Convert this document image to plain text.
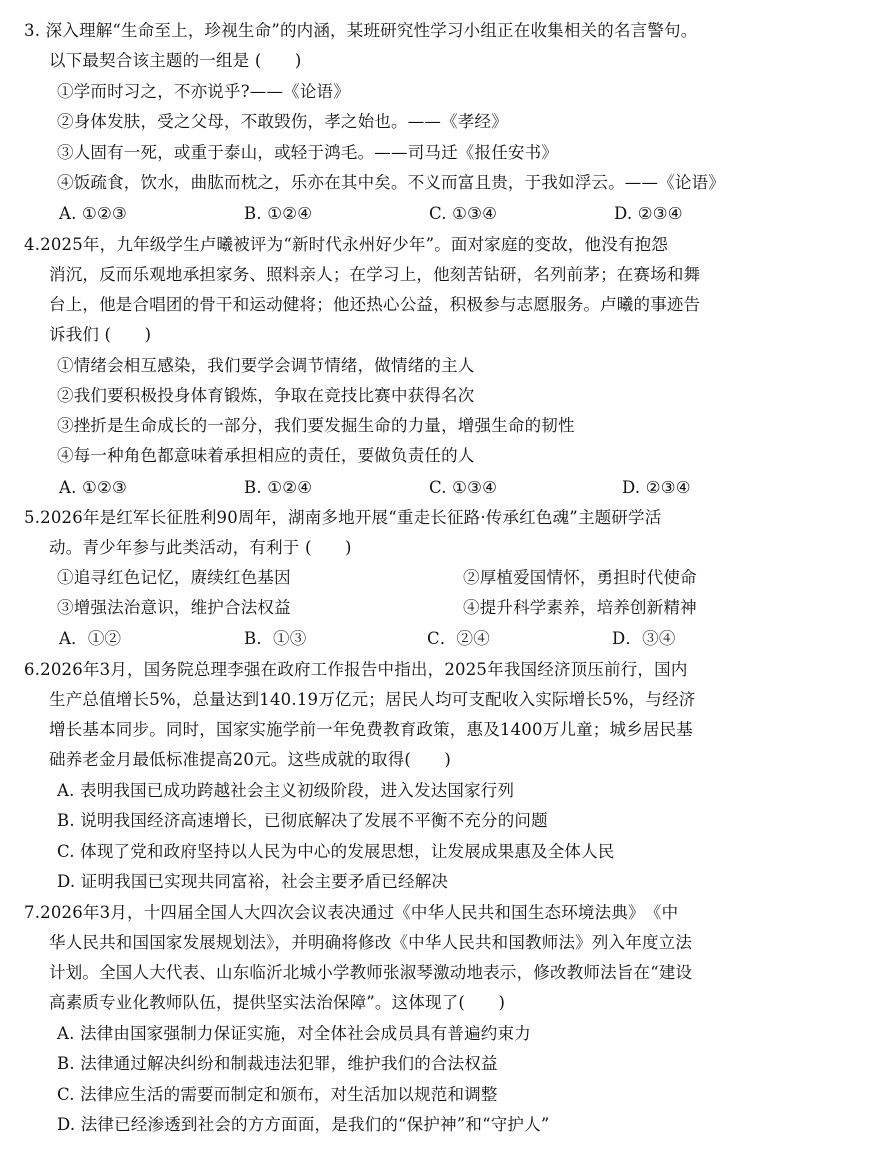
3. 深入理解“生命至上，珍视生命”的内涵，某班研究性学习小组正在收集相关的名言警句。
以下最契合该主题的一组是 (　　)
①学而时习之，不亦说乎?——《论语》
②身体发肤，受之父母，不敢毁伤，孝之始也。——《孝经》
③人固有一死，或重于泰山，或轻于鸿毛。——司马迁《报任安书》
④饭疏食，饮水，曲肱而枕之，乐亦在其中矣。不义而富且贵，于我如浮云。——《论语》
A. ①②③	B. ①②④	C. ①③④	D. ②③④
4.2025年，九年级学生卢曦被评为“新时代永州好少年”。面对家庭的变故，他没有抱怨
消沉，反而乐观地承担家务、照料亲人；在学习上，他刻苦钻研，名列前茅；在赛场和舞
台上，他是合唱团的骨干和运动健将；他还热心公益，积极参与志愿服务。卢曦的事迹告
诉我们 (　　)
①情绪会相互感染，我们要学会调节情绪，做情绪的主人
②我们要积极投身体育锻炼，争取在竞技比赛中获得名次
③挫折是生命成长的一部分，我们要发掘生命的力量，增强生命的韧性
④每一种角色都意味着承担相应的责任，要做负责任的人
A. ①②③	B. ①②④	C. ①③④	D. ②③④
5.2026年是红军长征胜利90周年，湖南多地开展“重走长征路·传承红色魂”主题研学活
动。青少年参与此类活动，有利于 (　　)
①追寻红色记忆，赓续红色基因	②厚植爱国情怀，勇担时代使命
③增强法治意识，维护合法权益	④提升科学素养，培养创新精神
A．①②	B．①③	C．②④	D．③④
6.2026年3月，国务院总理李强在政府工作报告中指出，2025年我国经济顶压前行，国内
生产总值增长5%，总量达到140.19万亿元；居民人均可支配收入实际增长5%，与经济
增长基本同步。同时，国家实施学前一年免费教育政策，惠及1400万儿童；城乡居民基
础养老金月最低标准提高20元。这些成就的取得(　　)
A. 表明我国已成功跨越社会主义初级阶段，进入发达国家行列
B. 说明我国经济高速增长，已彻底解决了发展不平衡不充分的问题
C. 体现了党和政府坚持以人民为中心的发展思想，让发展成果惠及全体人民
D. 证明我国已实现共同富裕，社会主要矛盾已经解决
7.2026年3月，十四届全国人大四次会议表决通过《中华人民共和国生态环境法典》　《中
华人民共和国国家发展规划法》，并明确将修改《中华人民共和国教师法》列入年度立法
计划。全国人大代表、山东临沂北城小学教师张淑琴激动地表示，修改教师法旨在“建设
高素质专业化教师队伍，提供坚实法治保障”。这体现了(　　)
A. 法律由国家强制力保证实施，对全体社会成员具有普遍约束力
B. 法律通过解决纠纷和制裁违法犯罪，维护我们的合法权益
C. 法律应生活的需要而制定和颁布，对生活加以规范和调整
D. 法律已经渗透到社会的方方面面，是我们的“保护神”和“守护人”
